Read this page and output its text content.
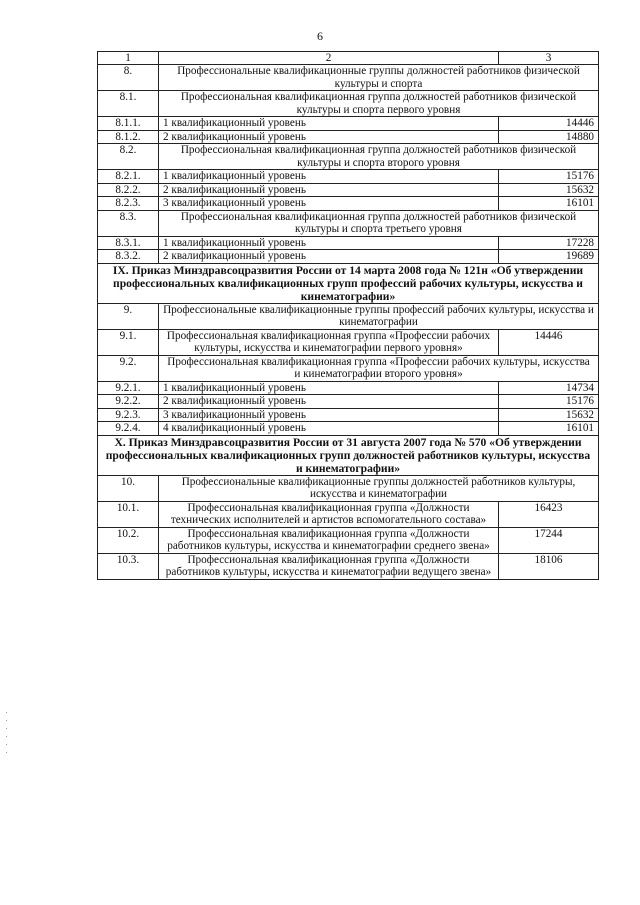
6
1	2	3
8.	Профессиональные квалификационные группы должностей работников физической культуры и спорта	
8.1.	Профессиональная квалификационная группа должностей работников физической культуры и спорта первого уровня	
8.1.1.	1 квалификационный уровень	14446
8.1.2.	2 квалификационный уровень	14880
8.2.	Профессиональная квалификационная группа должностей работников физической культуры и спорта второго уровня	
8.2.1.	1 квалификационный уровень	15176
8.2.2.	2 квалификационный уровень	15632
8.2.3.	3 квалификационный уровень	16101
8.3.	Профессиональная квалификационная группа должностей работников физической культуры и спорта третьего уровня	
8.3.1.	1 квалификационный уровень	17228
8.3.2.	2 квалификационный уровень	19689
IX. Приказ Минздравсоцразвития России от 14 марта 2008 года № 121н «Об утверждении профессиональных квалификационных групп профессий рабочих культуры, искусства и кинематографии»		
9.	Профессиональные квалификационные группы профессий рабочих культуры, искусства и кинематографии	
9.1.	Профессиональная квалификационная группа «Профессии рабочих культуры, искусства и кинематографии первого уровня»	14446
9.2.	Профессиональная квалификационная группа «Профессии рабочих культуры, искусства и кинематографии второго уровня»	
9.2.1.	1 квалификационный уровень	14734
9.2.2.	2 квалификационный уровень	15176
9.2.3.	3 квалификационный уровень	15632
9.2.4.	4 квалификационный уровень	16101
X. Приказ Минздравсоцразвития России от 31 августа 2007 года № 570 «Об утверждении профессиональных квалификационных групп должностей работников культуры, искусства и кинематографии»		
10.	Профессиональные квалификационные группы должностей работников культуры, искусства и кинематографии	
10.1.	Профессиональная квалификационная группа «Должности технических исполнителей и артистов вспомогательного состава»	16423
10.2.	Профессиональная квалификационная группа «Должности работников культуры, искусства и кинематографии среднего звена»	17244
10.3.	Профессиональная квалификационная группа «Должности работников культуры, искусства и кинематографии ведущего звена»	18106
